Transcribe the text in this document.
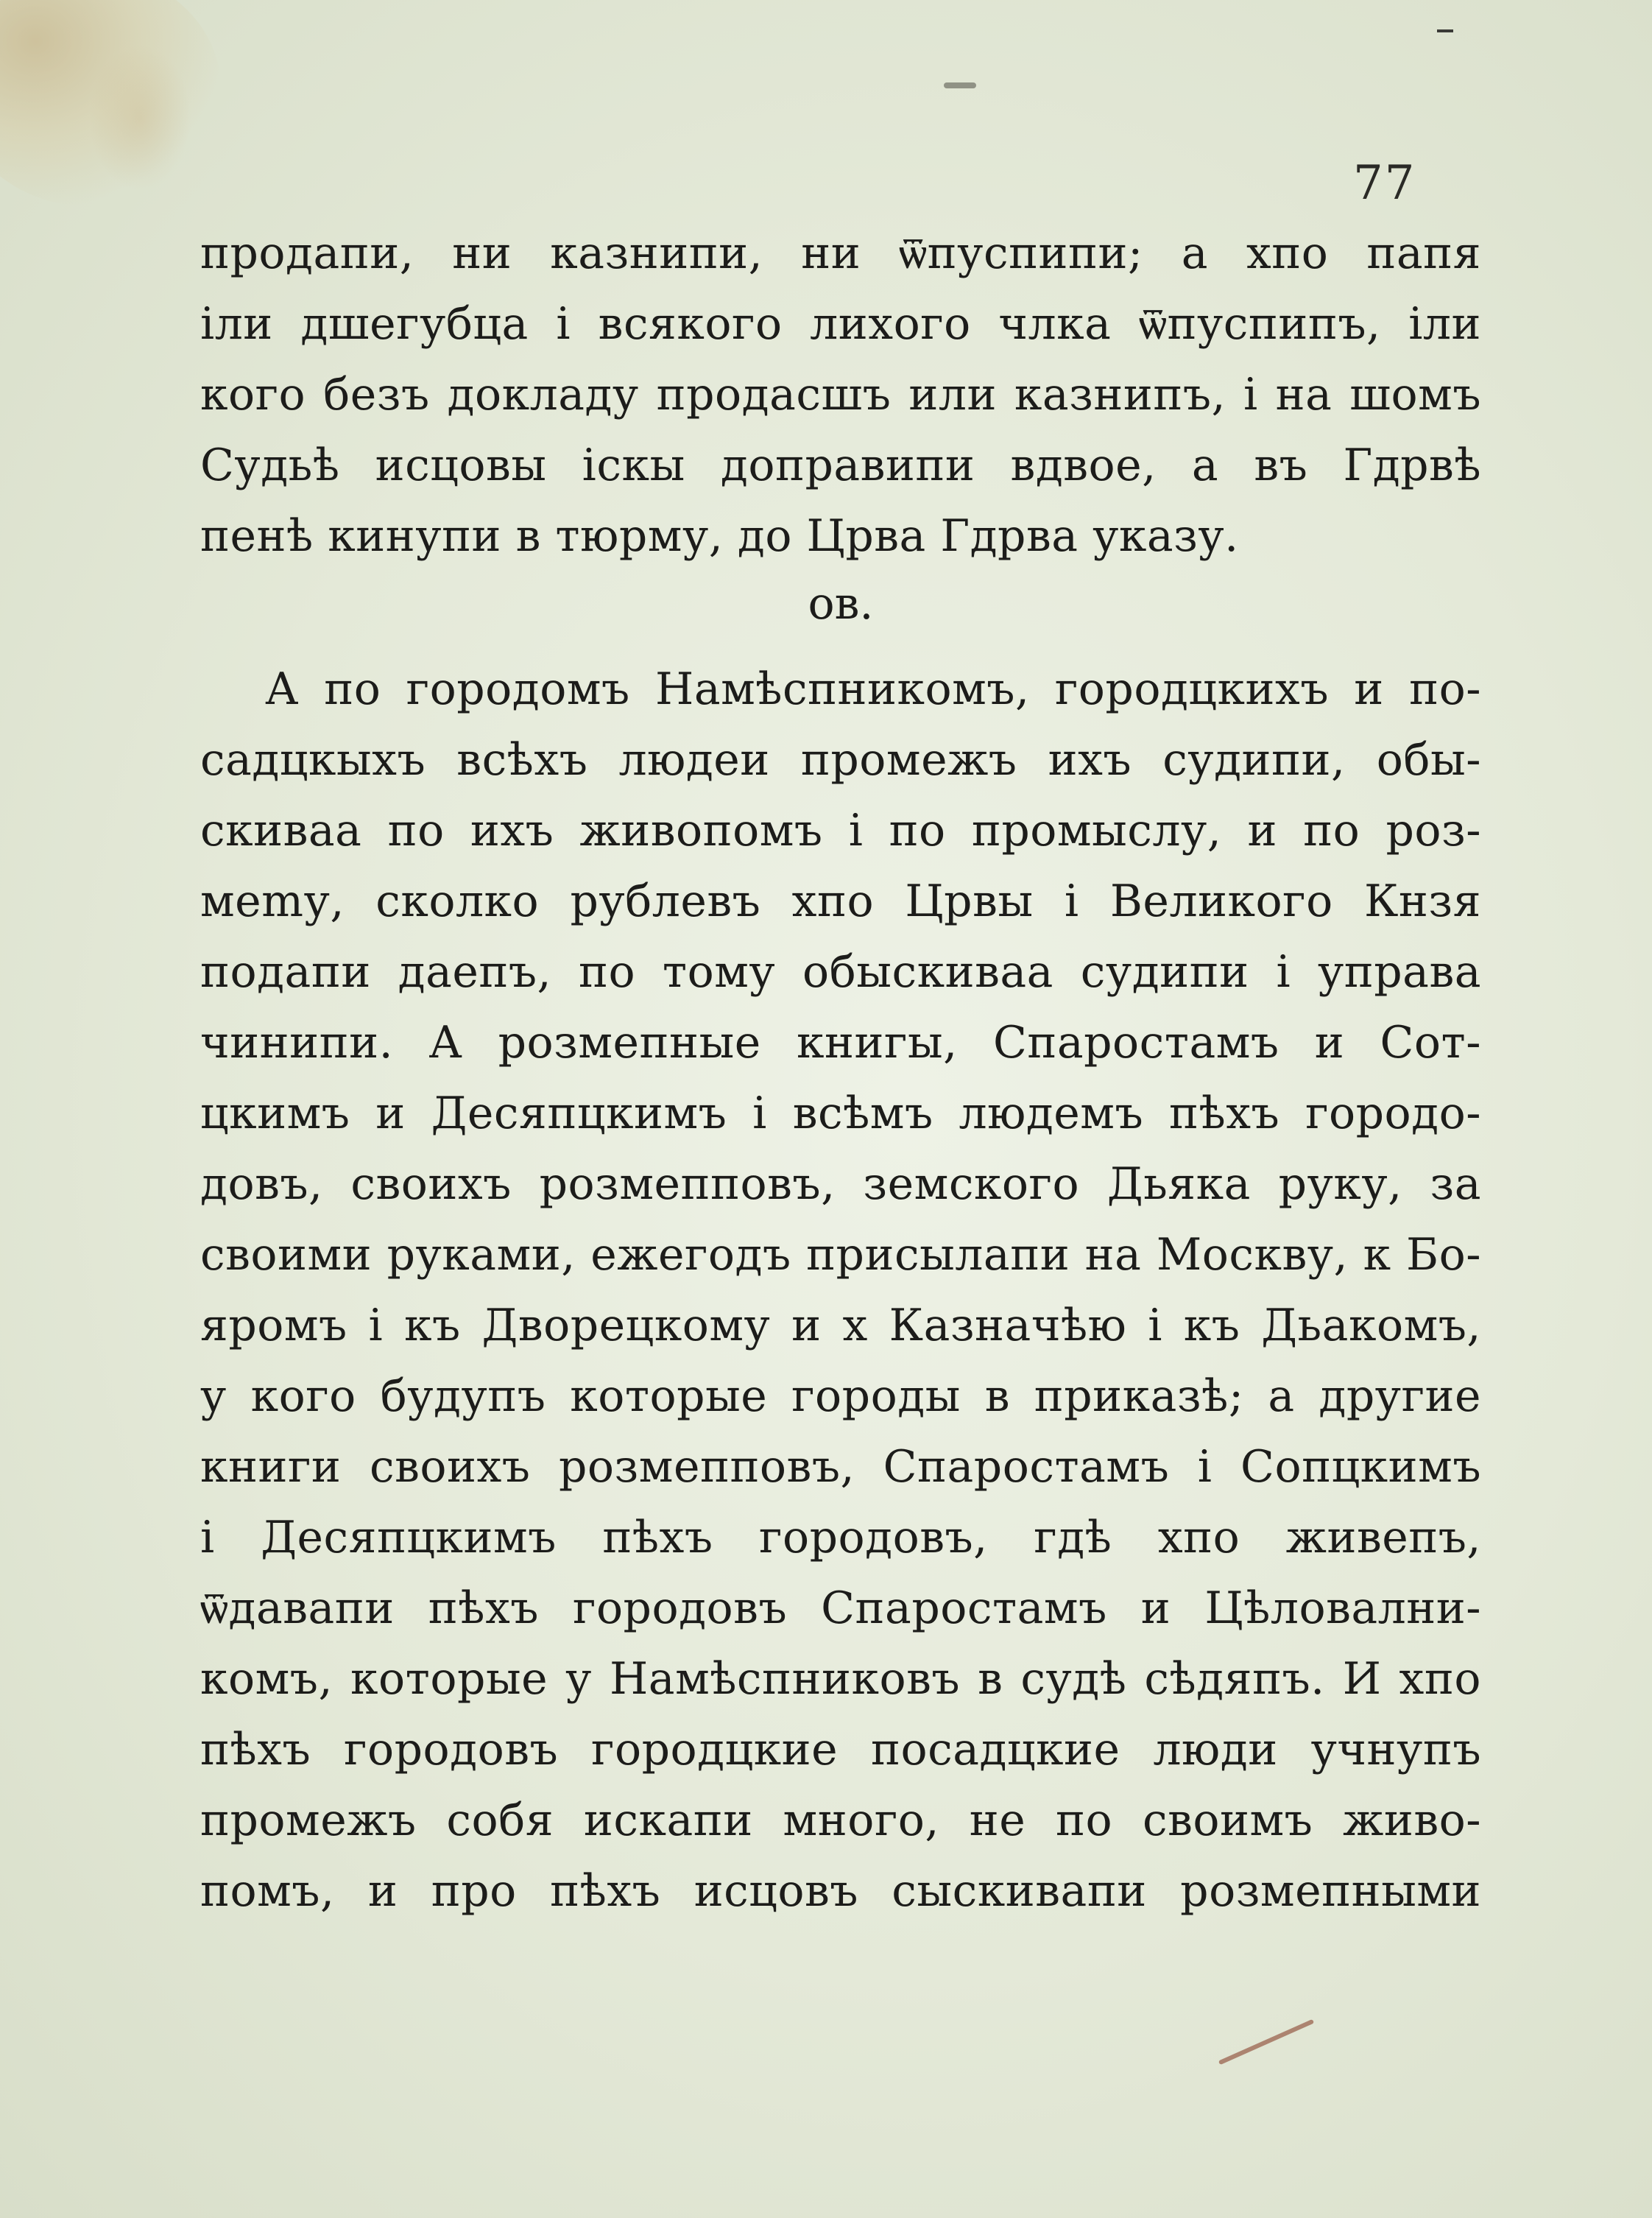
77
продапи, ни казнипи, ни ѿпуспипи; а хпо папя
іли дшегубца і всякого лихого члка ѿпуспипъ, іли
кого безъ докладу продасшъ или казнипъ, і на шомъ
Судьѣ исцовы іскы доправипи вдвое, а въ Гдрвѣ
пенѣ кинупи в тюрму, до Црва Гдрва указу.
ов.
А по городомъ Намѣспникомъ, городцкихъ и по-
садцкыхъ всѣхъ людеи промежъ ихъ судипи, обы-
скиваа по ихъ живопомъ і по промыслу, и по роз-
меmу, сколко рублевъ хпо Црвы і Великого Кнзя
подапи даепъ, по тому обыскиваа судипи і управа
чинипи. А розмепные книгы, Спаростамъ и Сот-
цкимъ и Десяпцкимъ і всѣмъ людемъ пѣхъ городо-
довъ, своихъ розмепповъ, земского Дьяка руку, за
своими руками, ежегодъ присылапи на Москву, к Бо-
яромъ і къ Дворецкому и х Казначѣю і къ Дьакомъ,
у кого будупъ которые городы в приказѣ; а другие
книги своихъ розмепповъ, Спаростамъ і Сопцкимъ
і Десяпцкимъ пѣхъ городовъ, гдѣ хпо живепъ,
ѿдавапи пѣхъ городовъ Спаростамъ и Цѣловални-
комъ, которые у Намѣспниковъ в судѣ сѣдяпъ. И хпо
пѣхъ городовъ городцкие посадцкие люди учнупъ
промежъ собя искапи много, не по своимъ живо-
помъ, и про пѣхъ исцовъ сыскивапи розмепными
